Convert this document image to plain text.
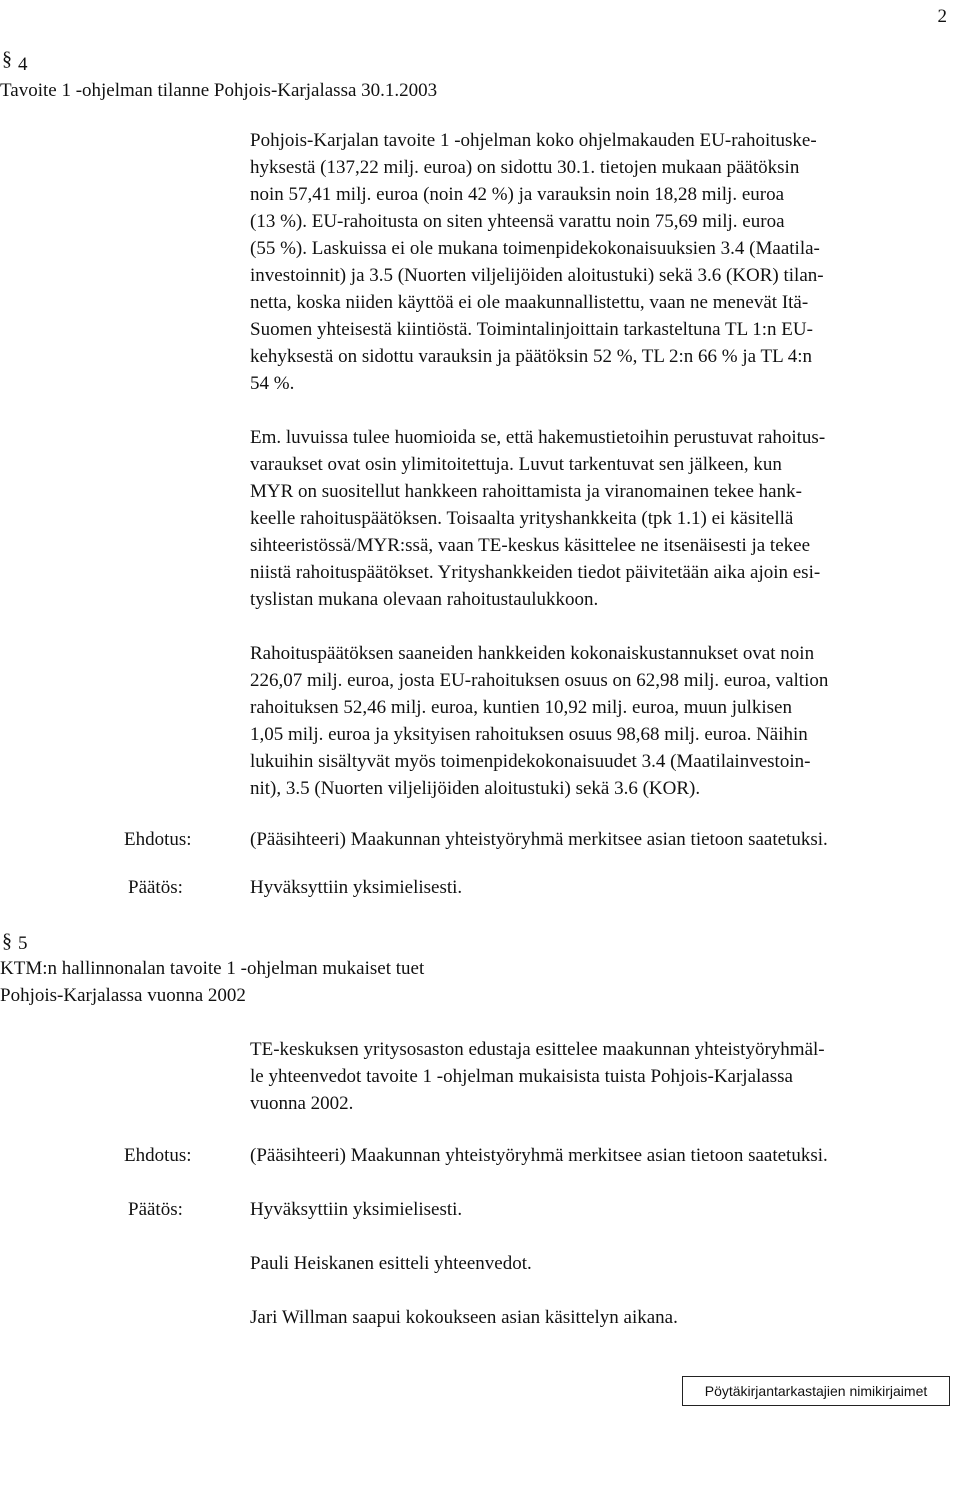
2
§ 4
Tavoite 1 -ohjelman tilanne Pohjois-Karjalassa 30.1.2003
Pohjois-Karjalan tavoite 1 -ohjelman koko ohjelmakauden EU-rahoituske-
hyksestä (137,22 milj. euroa) on sidottu 30.1. tietojen mukaan päätöksin
noin 57,41 milj. euroa (noin 42 %) ja varauksin noin 18,28 milj. euroa
(13 %). EU-rahoitusta on siten yhteensä varattu noin 75,69 milj. euroa
(55 %). Laskuissa ei ole mukana toimenpidekokonaisuuksien 3.4 (Maatila-
investoinnit) ja 3.5 (Nuorten viljelijöiden aloitustuki) sekä 3.6 (KOR) tilan-
netta, koska niiden käyttöä ei ole maakunnallistettu, vaan ne menevät Itä-
Suomen yhteisestä kiintiöstä. Toimintalinjoittain tarkasteltuna TL 1:n EU-
kehyksestä on sidottu varauksin ja päätöksin 52 %, TL 2:n 66 % ja TL 4:n
54 %.
Em. luvuissa tulee huomioida se, että hakemustietoihin perustuvat rahoitus-
varaukset ovat osin ylimitoitettuja. Luvut tarkentuvat sen jälkeen, kun
MYR on suositellut hankkeen rahoittamista ja viranomainen tekee hank-
keelle rahoituspäätöksen. Toisaalta yrityshankkeita (tpk 1.1) ei käsitellä
sihteeristössä/MYR:ssä, vaan TE-keskus käsittelee ne itsenäisesti ja tekee
niistä rahoituspäätökset. Yrityshankkeiden tiedot päivitetään aika ajoin esi-
tyslistan mukana olevaan rahoitustaulukkoon.
Rahoituspäätöksen saaneiden hankkeiden kokonaiskustannukset ovat noin
226,07 milj. euroa, josta EU-rahoituksen osuus on 62,98 milj. euroa, valtion
rahoituksen 52,46 milj. euroa, kuntien 10,92 milj. euroa, muun julkisen
1,05 milj. euroa ja yksityisen rahoituksen osuus 98,68 milj. euroa. Näihin
lukuihin sisältyvät myös toimenpidekokonaisuudet 3.4 (Maatilainvestoin-
nit), 3.5 (Nuorten viljelijöiden aloitustuki) sekä 3.6 (KOR).
Ehdotus:	(Pääsihteeri) Maakunnan yhteistyöryhmä merkitsee asian tietoon saatetuksi.
Päätös:	Hyväksyttiin yksimielisesti.
§ 5
KTM:n hallinnonalan tavoite 1 -ohjelman mukaiset tuet
Pohjois-Karjalassa vuonna 2002
TE-keskuksen yritysosaston edustaja esittelee maakunnan yhteistyöryhmäl-
le yhteenvedot tavoite 1 -ohjelman mukaisista tuista Pohjois-Karjalassa
vuonna 2002.
Ehdotus:	(Pääsihteeri) Maakunnan yhteistyöryhmä merkitsee asian tietoon saatetuksi.
Päätös:	Hyväksyttiin yksimielisesti.
Pauli Heiskanen esitteli yhteenvedot.
Jari Willman saapui kokoukseen asian käsittelyn aikana.
Pöytäkirjantarkastajien nimikirjaimet
